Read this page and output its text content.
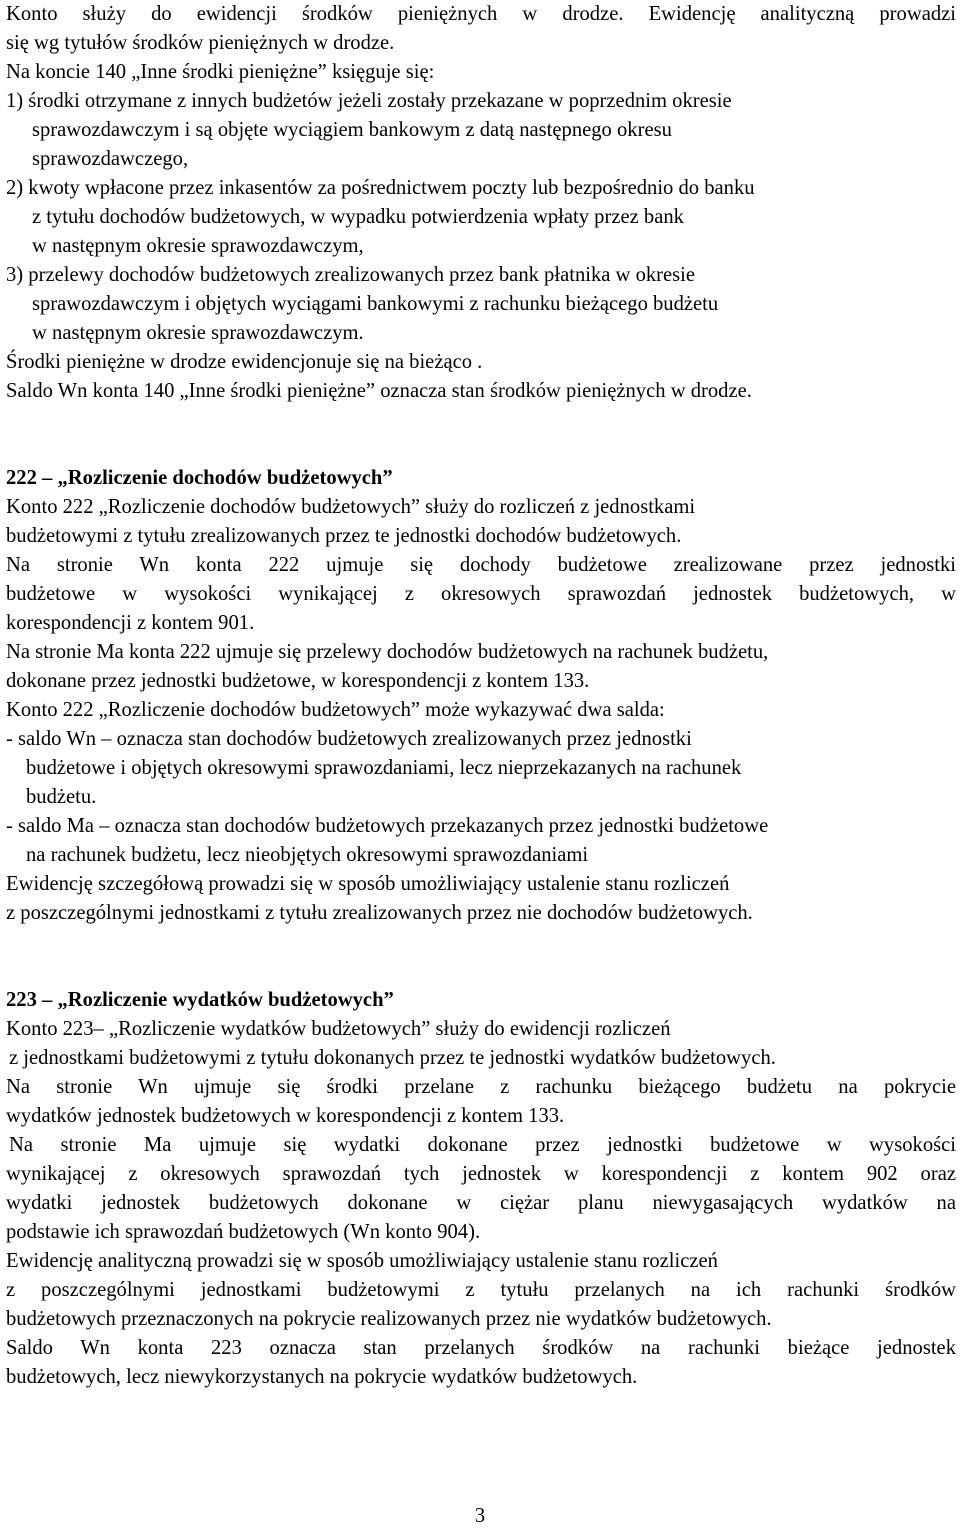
Konto służy do ewidencji środków pieniężnych w drodze. Ewidencję analityczną prowadzi
się wg tytułów środków pieniężnych w drodze.
Na koncie 140 „Inne środki pieniężne” księguje się:
1) środki otrzymane z innych budżetów jeżeli zostały przekazane w poprzednim okresie
sprawozdawczym i są objęte wyciągiem bankowym z datą następnego okresu
sprawozdawczego,
2) kwoty wpłacone przez inkasentów za pośrednictwem poczty lub bezpośrednio do banku
z tytułu dochodów budżetowych, w wypadku potwierdzenia wpłaty przez bank
w następnym okresie sprawozdawczym,
3) przelewy dochodów budżetowych zrealizowanych przez bank płatnika w okresie
sprawozdawczym i objętych wyciągami bankowymi z rachunku bieżącego budżetu
w następnym okresie sprawozdawczym.
Środki pieniężne w drodze ewidencjonuje się na bieżąco .
Saldo Wn konta 140 „Inne środki pieniężne” oznacza stan środków pieniężnych w drodze.
222 – „Rozliczenie dochodów budżetowych”
Konto 222 „Rozliczenie dochodów budżetowych” służy do rozliczeń z jednostkami
budżetowymi z tytułu zrealizowanych przez te jednostki dochodów budżetowych.
Na stronie Wn konta 222 ujmuje się dochody budżetowe zrealizowane przez jednostki
budżetowe w wysokości wynikającej z okresowych sprawozdań jednostek budżetowych, w
korespondencji z kontem 901.
Na stronie Ma konta 222 ujmuje się przelewy dochodów budżetowych na rachunek budżetu,
dokonane przez jednostki budżetowe, w korespondencji z kontem 133.
Konto 222 „Rozliczenie dochodów budżetowych” może wykazywać dwa salda:
- saldo Wn – oznacza stan dochodów budżetowych zrealizowanych przez jednostki
budżetowe i objętych okresowymi sprawozdaniami, lecz nieprzekazanych na rachunek
budżetu.
- saldo Ma – oznacza stan dochodów budżetowych przekazanych przez jednostki budżetowe
na rachunek budżetu, lecz nieobjętych okresowymi sprawozdaniami
Ewidencję szczegółową prowadzi się w sposób umożliwiający ustalenie stanu rozliczeń
z poszczególnymi jednostkami z tytułu zrealizowanych przez nie dochodów budżetowych.
223 – „Rozliczenie wydatków budżetowych”
Konto 223– „Rozliczenie wydatków budżetowych” służy do ewidencji rozliczeń
z jednostkami budżetowymi z tytułu dokonanych przez te jednostki wydatków budżetowych.
Na stronie Wn ujmuje się środki przelane z rachunku bieżącego budżetu na pokrycie
wydatków jednostek budżetowych w korespondencji z kontem 133.
Na stronie Ma ujmuje się wydatki dokonane przez jednostki budżetowe w wysokości
wynikającej z okresowych sprawozdań tych jednostek w korespondencji z kontem 902 oraz
wydatki jednostek budżetowych dokonane w ciężar planu niewygasających wydatków na
podstawie ich sprawozdań budżetowych (Wn konto 904).
Ewidencję analityczną prowadzi się w sposób umożliwiający ustalenie stanu rozliczeń
z poszczególnymi jednostkami budżetowymi z tytułu przelanych na ich rachunki środków
budżetowych przeznaczonych na pokrycie realizowanych przez nie wydatków budżetowych.
Saldo Wn konta 223 oznacza stan przelanych środków na rachunki bieżące jednostek
budżetowych, lecz niewykorzystanych na pokrycie wydatków budżetowych.
3
